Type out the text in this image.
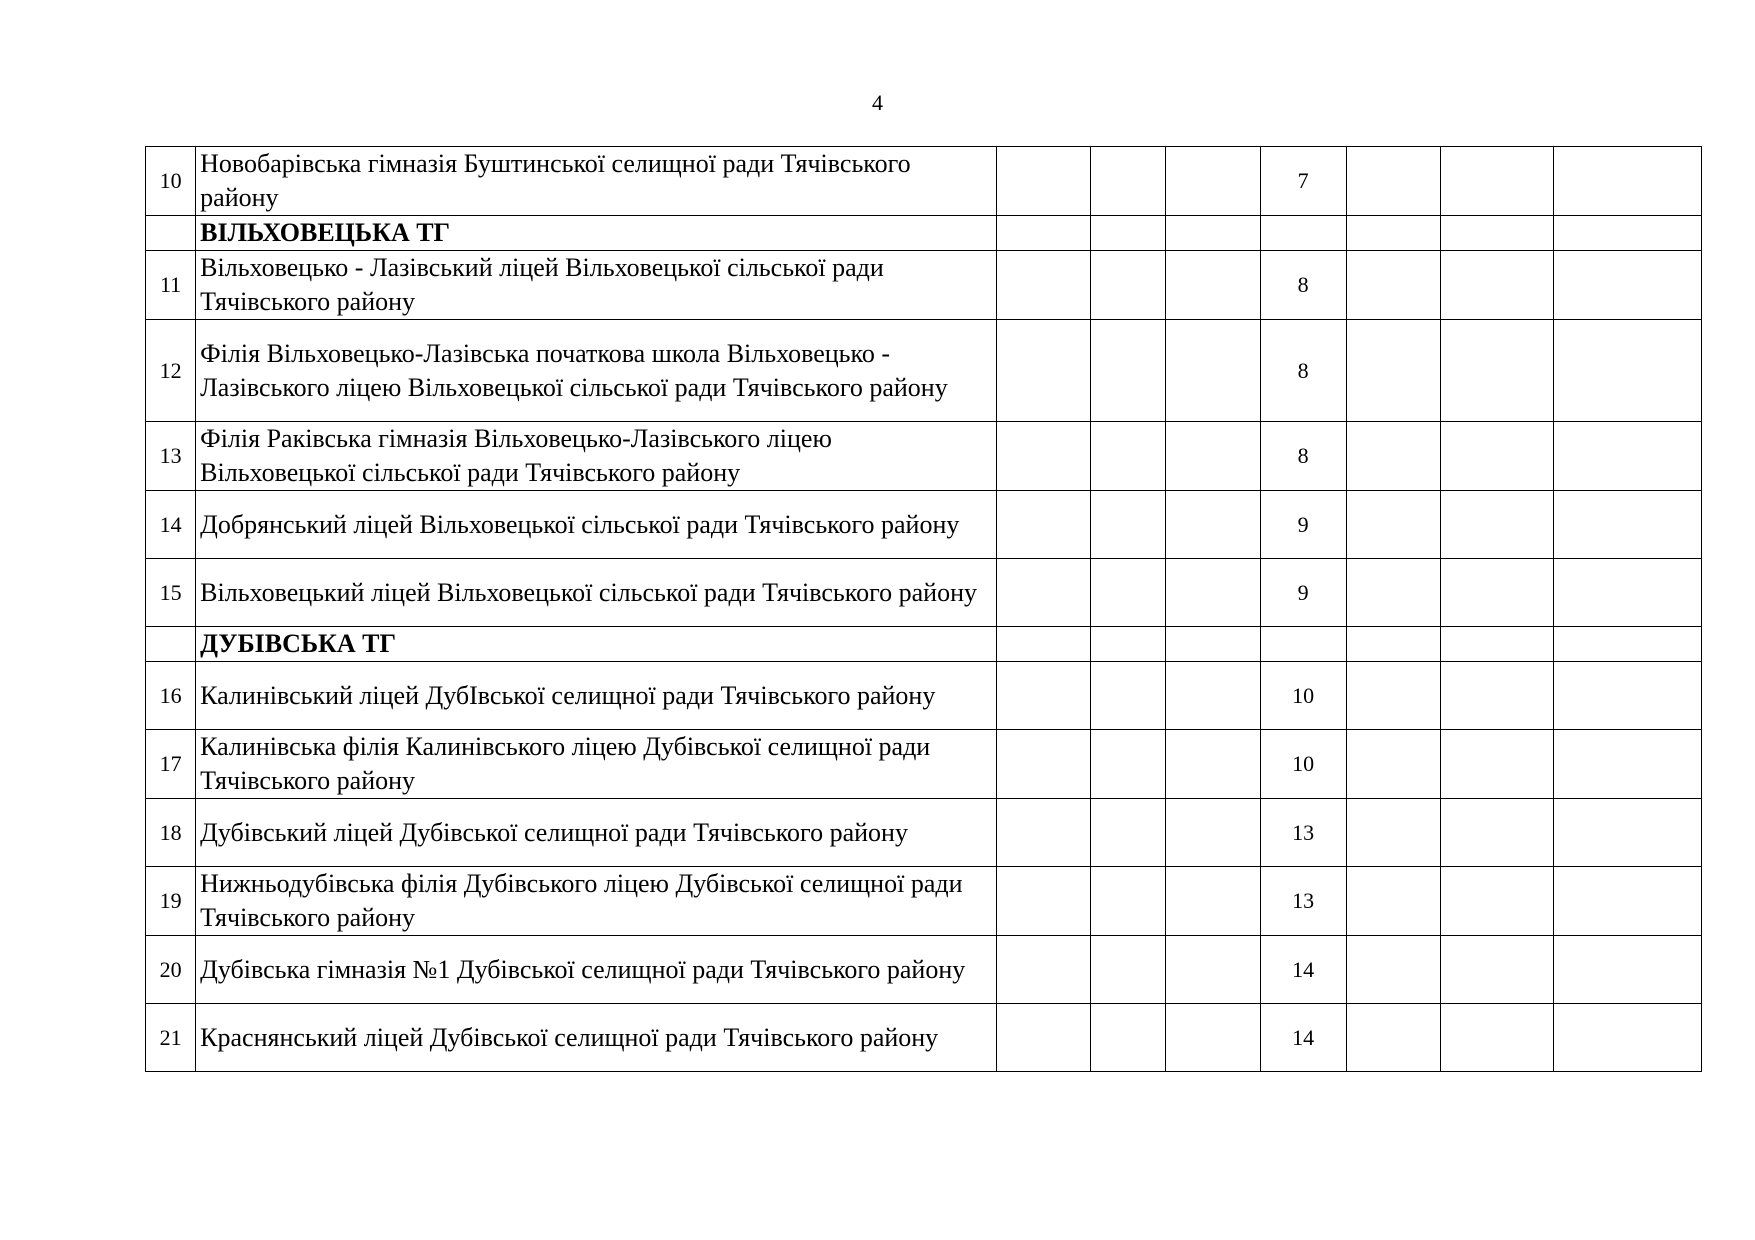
4
10	Новобарівська гімназія Буштинської селищної ради Тячівського району				7			
	ВІЛЬХОВЕЦЬКА ТГ							
11	Вільховецько - Лазівський ліцей Вільховецької сільської ради Тячівського району				8			
12	Філія Вільховецько-Лазівська початкова школа Вільховецько - Лазівського ліцею Вільховецької сільської ради Тячівського району				8			
13	Філія Раківська гімназія Вільховецько-Лазівського ліцею Вільховецької сільської ради Тячівського району				8			
14	Добрянський ліцей Вільховецької сільської ради Тячівського району				9			
15	Вільховецький ліцей Вільховецької сільської ради Тячівського району				9			
	ДУБІВСЬКА ТГ							
16	Калинівський ліцей ДубІвської селищної ради Тячівського району				10			
17	Калинівська філія Калинівського ліцею Дубівської селищної ради Тячівського району				10			
18	Дубівський ліцей Дубівської селищної ради Тячівського району				13			
19	Нижньодубівська філія Дубівського ліцею Дубівської селищної ради Тячівського району				13			
20	Дубівська гімназія №1 Дубівської селищної ради Тячівського району				14			
21	Краснянський ліцей Дубівської селищної ради Тячівського району				14			
